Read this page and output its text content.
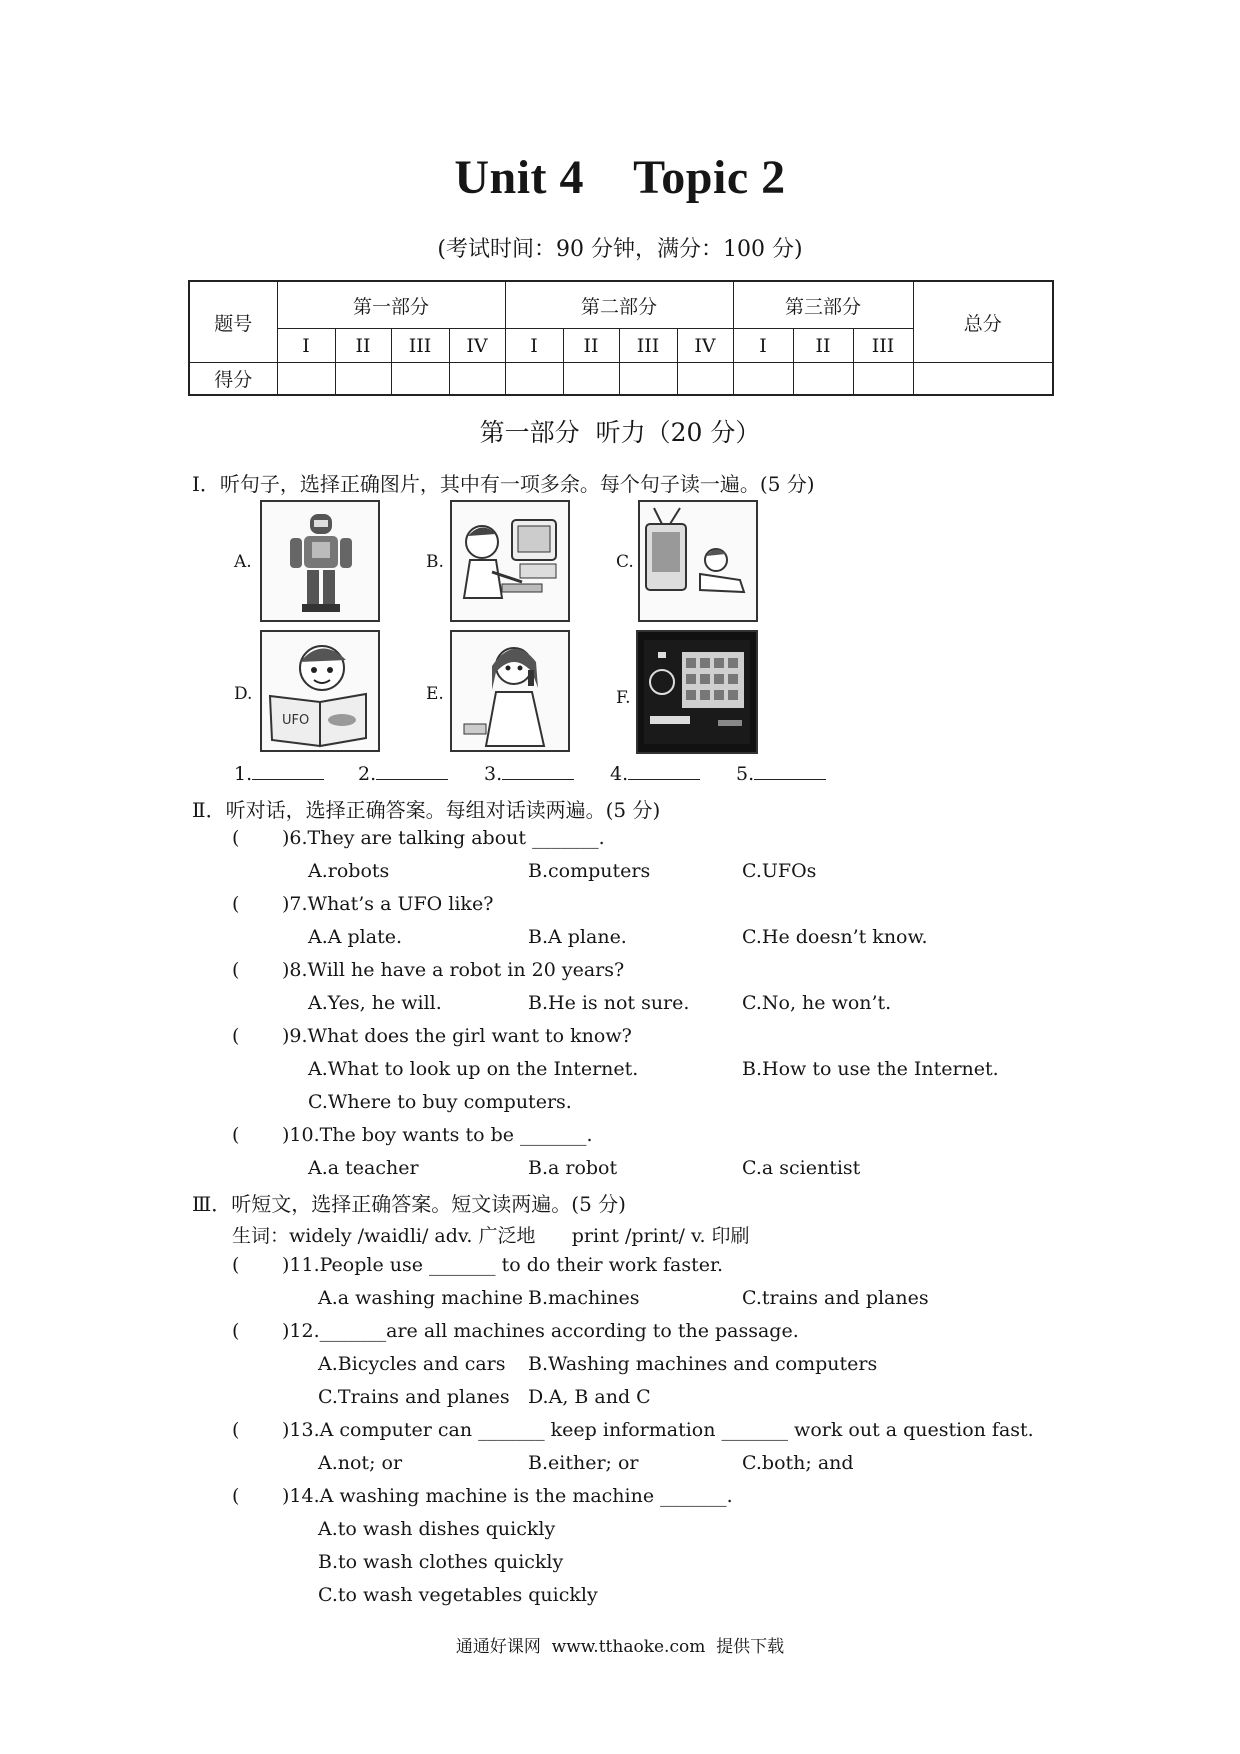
Unit 4    Topic 2
(考试时间：90 分钟，满分：100 分)
题号	第一部分				第二部分				第三部分			总分
	I	II	III	IV	I	II	III	IV	I	II	III	
得分												
第一部分  听力（20 分）
Ⅰ．听句子，选择正确图片，其中有一项多余。每个句子读一遍。(5 分)
A.	B.	C.
D.	E.	F.
UFO
1.	2.	3.	4.	5.
Ⅱ．听对话，选择正确答案。每组对话读两遍。(5 分)
( )6.They are talking about _______.
A.robots	B.computers	C.UFOs
( )7.What’s a UFO like?
A.A plate.	B.A plane.	C.He doesn’t know.
( )8.Will he have a robot in 20 years?
A.Yes, he will.	B.He is not sure.	C.No, he won’t.
( )9.What does the girl want to know?
A.What to look up on the Internet.	B.How to use the Internet.
C.Where to buy computers.
( )10.The boy wants to be _______.
A.a teacher	B.a robot	C.a scientist
Ⅲ．听短文，选择正确答案。短文读两遍。(5 分)
生词：widely /waidli/ adv. 广泛地      print /print/ v. 印刷
( )11.People use _______ to do their work faster.
A.a washing machine B.machines	C.trains and planes
( )12._______are all machines according to the passage.
A.Bicycles and cars B.Washing machines and computers
C.Trains and planes D.A, B and C
( )13.A computer can _______ keep information _______ work out a question fast.
A.not; or	B.either; or	C.both; and
( )14.A washing machine is the machine _______.
A.to wash dishes quickly
B.to wash clothes quickly
C.to wash vegetables quickly
通通好课网  www.tthaoke.com  提供下载
